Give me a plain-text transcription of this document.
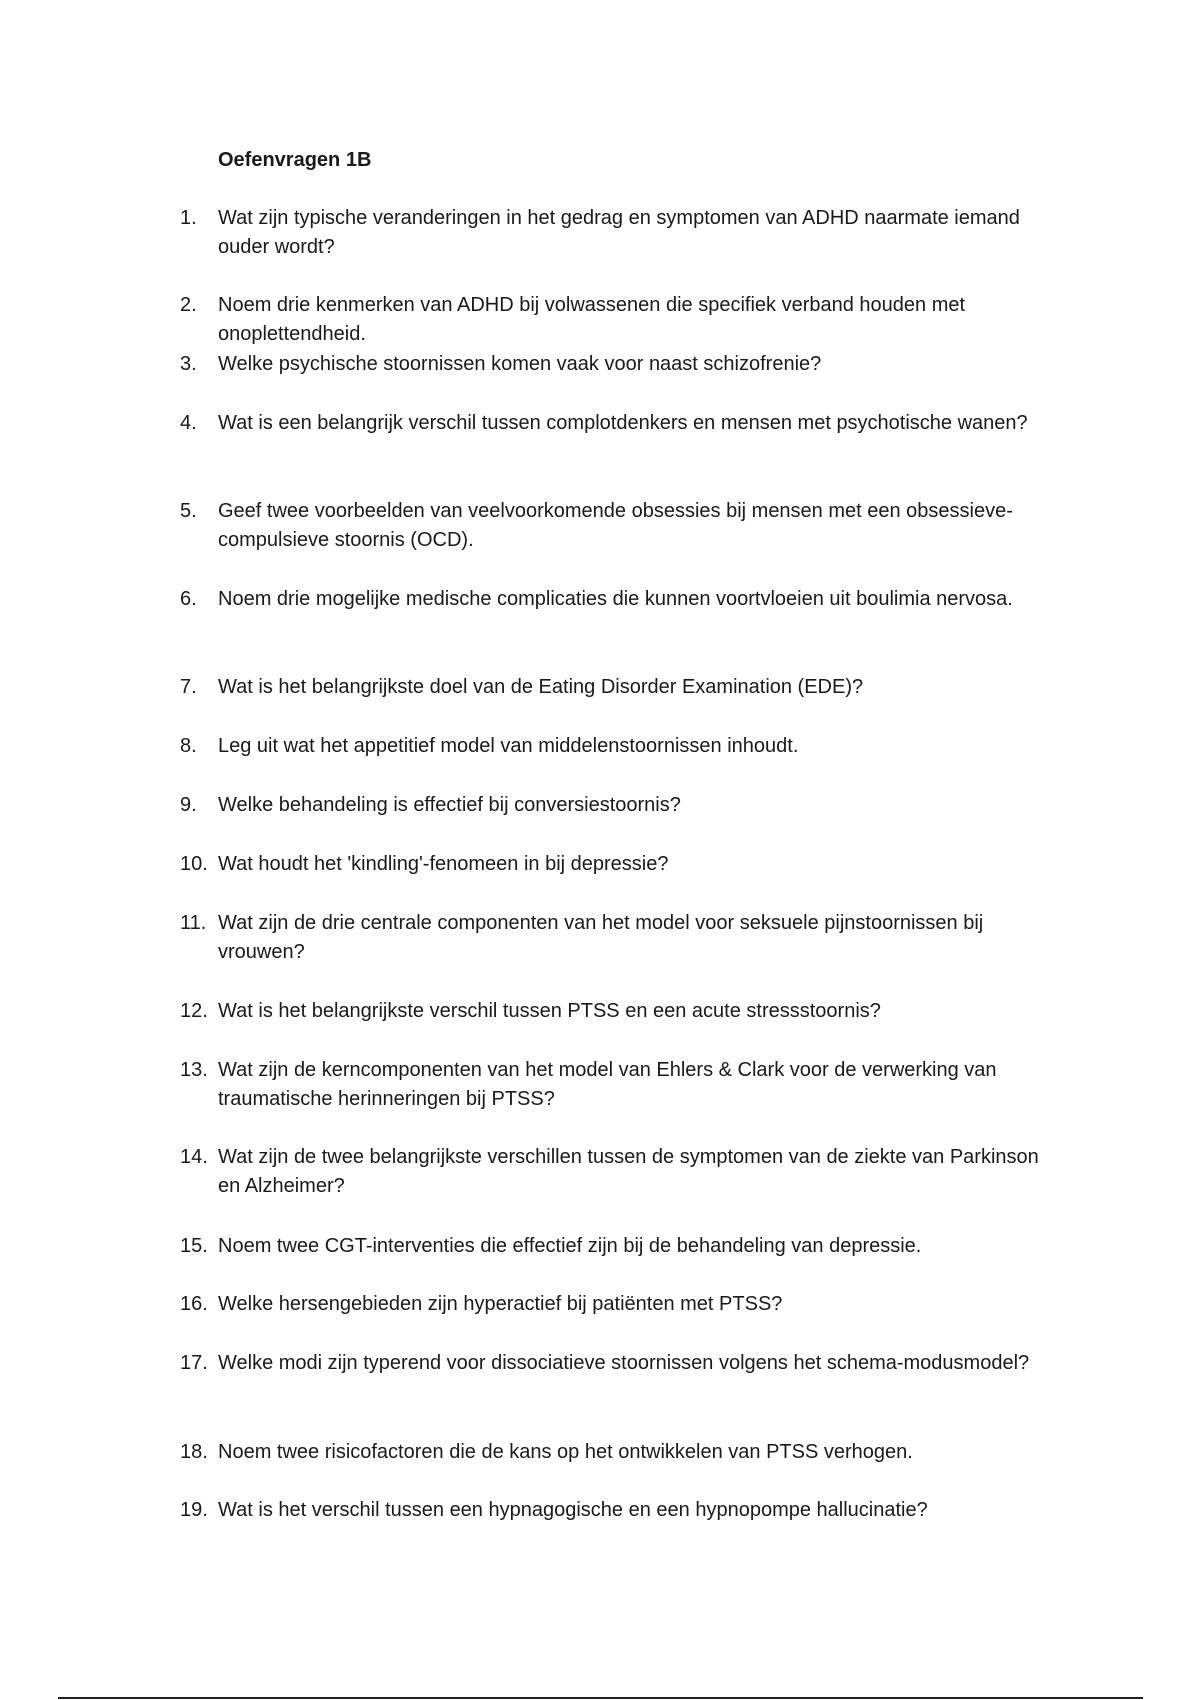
Oefenvragen 1B
1.	Wat zijn typische veranderingen in het gedrag en symptomen van ADHD naarmate iemand ouder wordt?
2.	Noem drie kenmerken van ADHD bij volwassenen die specifiek verband houden met onoplettendheid.
3.	Welke psychische stoornissen komen vaak voor naast schizofrenie?
4.	Wat is een belangrijk verschil tussen complotdenkers en mensen met psychotische wanen?
5.	Geef twee voorbeelden van veelvoorkomende obsessies bij mensen met een obsessieve-compulsieve stoornis (OCD).
6.	Noem drie mogelijke medische complicaties die kunnen voortvloeien uit boulimia nervosa.
7.	Wat is het belangrijkste doel van de Eating Disorder Examination (EDE)?
8.	Leg uit wat het appetitief model van middelenstoornissen inhoudt.
9.	Welke behandeling is effectief bij conversiestoornis?
10. Wat houdt het 'kindling'-fenomeen in bij depressie?
11. Wat zijn de drie centrale componenten van het model voor seksuele pijnstoornissen bij vrouwen?
12. Wat is het belangrijkste verschil tussen PTSS en een acute stressstoornis?
13. Wat zijn de kerncomponenten van het model van Ehlers & Clark voor de verwerking van traumatische herinneringen bij PTSS?
14. Wat zijn de twee belangrijkste verschillen tussen de symptomen van de ziekte van Parkinson en Alzheimer?
15. Noem twee CGT-interventies die effectief zijn bij de behandeling van depressie.
16. Welke hersengebieden zijn hyperactief bij patiënten met PTSS?
17. Welke modi zijn typerend voor dissociatieve stoornissen volgens het schema-modusmodel?
18. Noem twee risicofactoren die de kans op het ontwikkelen van PTSS verhogen.
19. Wat is het verschil tussen een hypnagogische en een hypnopompe hallucinatie?
